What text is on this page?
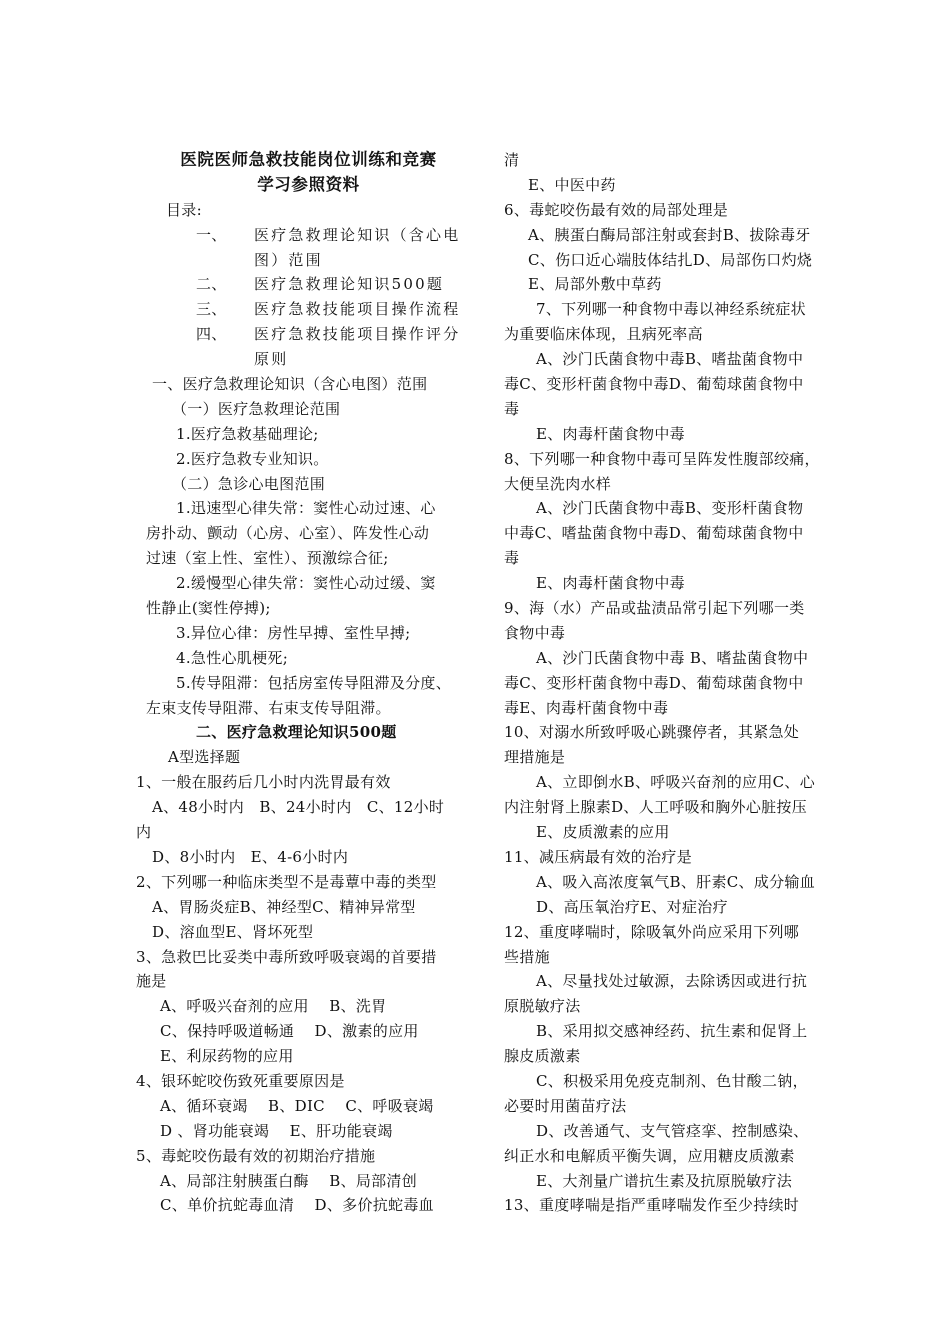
医院医师急救技能岗位训练和竞赛
学习参照资料
目录:
一、	医疗急救理论知识（含心电
图）范围
二、	医疗急救理论知识500题
三、	医疗急救技能项目操作流程
四、	医疗急救技能项目操作评分
原则
一、医疗急救理论知识（含心电图）范围
（一）医疗急救理论范围
1.医疗急救基础理论;
2.医疗急救专业知识。
（二）急诊心电图范围
1.迅速型心律失常：窦性心动过速、心
房扑动、颤动（心房、心室）、阵发性心动
过速（室上性、室性）、预激综合征;
2.缓慢型心律失常：窦性心动过缓、窦
性静止(窦性停搏);
3.异位心律：房性早搏、室性早搏;
4.急性心肌梗死;
5.传导阻滞：包括房室传导阻滞及分度、
左束支传导阻滞、右束支传导阻滞。
二、医疗急救理论知识500题
A型选择题
1、一般在服药后几小时内洗胃最有效
A、48小时内　B、24小时内　C、12小时
内
D、8小时内　E、4-6小时内
2、下列哪一种临床类型不是毒蕈中毒的类型
A、胃肠炎症B、神经型C、精神异常型
D、溶血型E、肾坏死型
3、急救巴比妥类中毒所致呼吸衰竭的首要措
施是
A、呼吸兴奋剂的应用　 B、洗胃
C、保持呼吸道畅通　 D、激素的应用
E、利尿药物的应用
4、银环蛇咬伤致死重要原因是
A、循环衰竭　 B、DIC　 C、呼吸衰竭
D 、肾功能衰竭　 E、肝功能衰竭
5、毒蛇咬伤最有效的初期治疗措施
A、局部注射胰蛋白酶　 B、局部清创
C、单价抗蛇毒血清　 D、多价抗蛇毒血
清
E、中医中药
6、毒蛇咬伤最有效的局部处理是
A、胰蛋白酶局部注射或套封B、拔除毒牙
C、伤口近心端肢体结扎D、局部伤口灼烧
E、局部外敷中草药
7、下列哪一种食物中毒以神经系统症状
为重要临床体现，且病死率高
A、沙门氏菌食物中毒B、嗜盐菌食物中
毒C、变形杆菌食物中毒D、葡萄球菌食物中
毒
E、肉毒杆菌食物中毒
8、下列哪一种食物中毒可呈阵发性腹部绞痛，
大便呈洗肉水样
A、沙门氏菌食物中毒B、变形杆菌食物
中毒C、嗜盐菌食物中毒D、葡萄球菌食物中
毒
E、肉毒杆菌食物中毒
9、海（水）产品或盐渍品常引起下列哪一类
食物中毒
A、沙门氏菌食物中毒 B、嗜盐菌食物中
毒C、变形杆菌食物中毒D、葡萄球菌食物中
毒E、肉毒杆菌食物中毒
10、对溺水所致呼吸心跳骤停者，其紧急处
理措施是
A、立即倒水B、呼吸兴奋剂的应用C、心
内注射肾上腺素D、人工呼吸和胸外心脏按压
E、皮质激素的应用
11、减压病最有效的治疗是
A、吸入高浓度氧气B、肝素C、成分输血
D、高压氧治疗E、对症治疗
12、重度哮喘时，除吸氧外尚应采用下列哪
些措施
A、尽量找处过敏源，去除诱因或进行抗
原脱敏疗法
B、采用拟交感神经药、抗生素和促肾上
腺皮质激素
C、积极采用免疫克制剂、色甘酸二钠，
必要时用菌苗疗法
D、改善通气、支气管痉挛、控制感染、
纠正水和电解质平衡失调，应用糖皮质激素
E、大剂量广谱抗生素及抗原脱敏疗法
13、重度哮喘是指严重哮喘发作至少持续时
